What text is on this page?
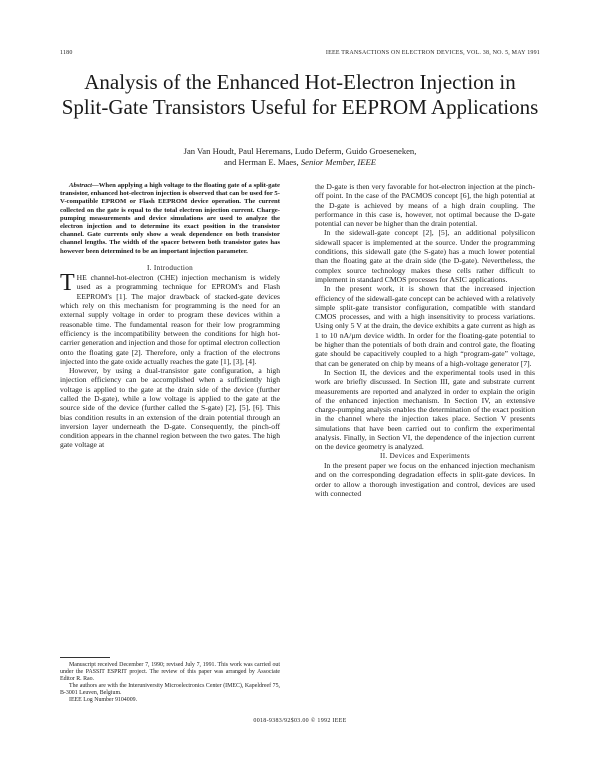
1180	IEEE TRANSACTIONS ON ELECTRON DEVICES, VOL. 38, NO. 5, MAY 1991
Analysis of the Enhanced Hot-Electron Injection in Split-Gate Transistors Useful for EEPROM Applications
Jan Van Houdt, Paul Heremans, Ludo Deferm, Guido Groeseneken,
and Herman E. Maes, Senior Member, IEEE

Abstract—When applying a high voltage to the floating gate of a split-gate transistor, enhanced hot-electron injection is observed that can be used for 5-V-compatible EPROM or Flash EEPROM device operation. The current collected on the gate is equal to the total electron injection current. Charge-pumping measurements and device simulations are used to analyze the electron injection and to determine its exact position in the transistor channel. Gate currents only show a weak dependence on both transistor channel lengths. The width of the spacer between both transistor gates has however been determined to be an important injection parameter.

I. Introduction

THE channel-hot-electron (CHE) injection mechanism is widely used as a programming technique for EPROM's and Flash EEPROM's [1]. The major drawback of stacked-gate devices which rely on this mechanism for programming is the need for an external supply voltage in order to program these devices within a reasonable time. The fundamental reason for their low programming efficiency is the incompatibility between the conditions for high hot-carrier generation and injection and those for optimal electron collection onto the floating gate [2]. Therefore, only a fraction of the electrons injected into the gate oxide actually reaches the gate [1], [3], [4].

However, by using a dual-transistor gate configuration, a high injection efficiency can be accomplished when a sufficiently high voltage is applied to the gate at the drain side of the device (further called the D-gate), while a low voltage is applied to the gate at the source side of the device (further called the S-gate) [2], [5], [6]. This bias condition results in an extension of the drain potential through an inversion layer underneath the D-gate. Consequently, the pinch-off condition appears in the channel region between the two gates. The high gate voltage at

the D-gate is then very favorable for hot-electron injection at the pinch-off point. In the case of the PACMOS concept [6], the high potential at the D-gate is achieved by means of a high drain coupling. The performance in this case is, however, not optimal because the D-gate potential can never be higher than the drain potential.

In the sidewall-gate concept [2], [5], an additional polysilicon sidewall spacer is implemented at the source. Under the programming conditions, this sidewall gate (the S-gate) has a much lower potential than the floating gate at the drain side (the D-gate). Nevertheless, the complex source technology makes these cells rather difficult to implement in standard CMOS processes for ASIC applications.

In the present work, it is shown that the increased injection efficiency of the sidewall-gate concept can be achieved with a relatively simple split-gate transistor configuration, compatible with standard CMOS processes, and with a high insensitivity to process variations. Using only 5 V at the drain, the device exhibits a gate current as high as 1 to 10 nA/µm device width. In order for the floating-gate potential to be higher than the potentials of both drain and control gate, the floating gate should be capacitively coupled to a high “program-gate” voltage, that can be generated on chip by means of a high-voltage generator [7].

In Section II, the devices and the experimental tools used in this work are briefly discussed. In Section III, gate and substrate current measurements are reported and analyzed in order to explain the origin of the enhanced injection mechanism. In Section IV, an extensive charge-pumping analysis enables the determination of the exact position in the channel where the injection takes place. Section V presents simulations that have been carried out to confirm the experimental analysis. Finally, in Section VI, the dependence of the injection current on the device geometry is analyzed.

II. Devices and Experiments

In the present paper we focus on the enhanced injection mechanism and on the corresponding degradation effects in split-gate devices. In order to allow a thorough investigation and control, devices are used with connected

Manuscript received December 7, 1990; revised July 7, 1991. This work was carried out under the PASSIT ESPRIT project. The review of this paper was arranged by Associate Editor R. Rao.

The authors are with the Interuniversity Microelectronics Center (IMEC), Kapeldreef 75, B-3001 Leuven, Belgium.

IEEE Log Number 9104009.

0018-9383/92$03.00 © 1992 IEEE
